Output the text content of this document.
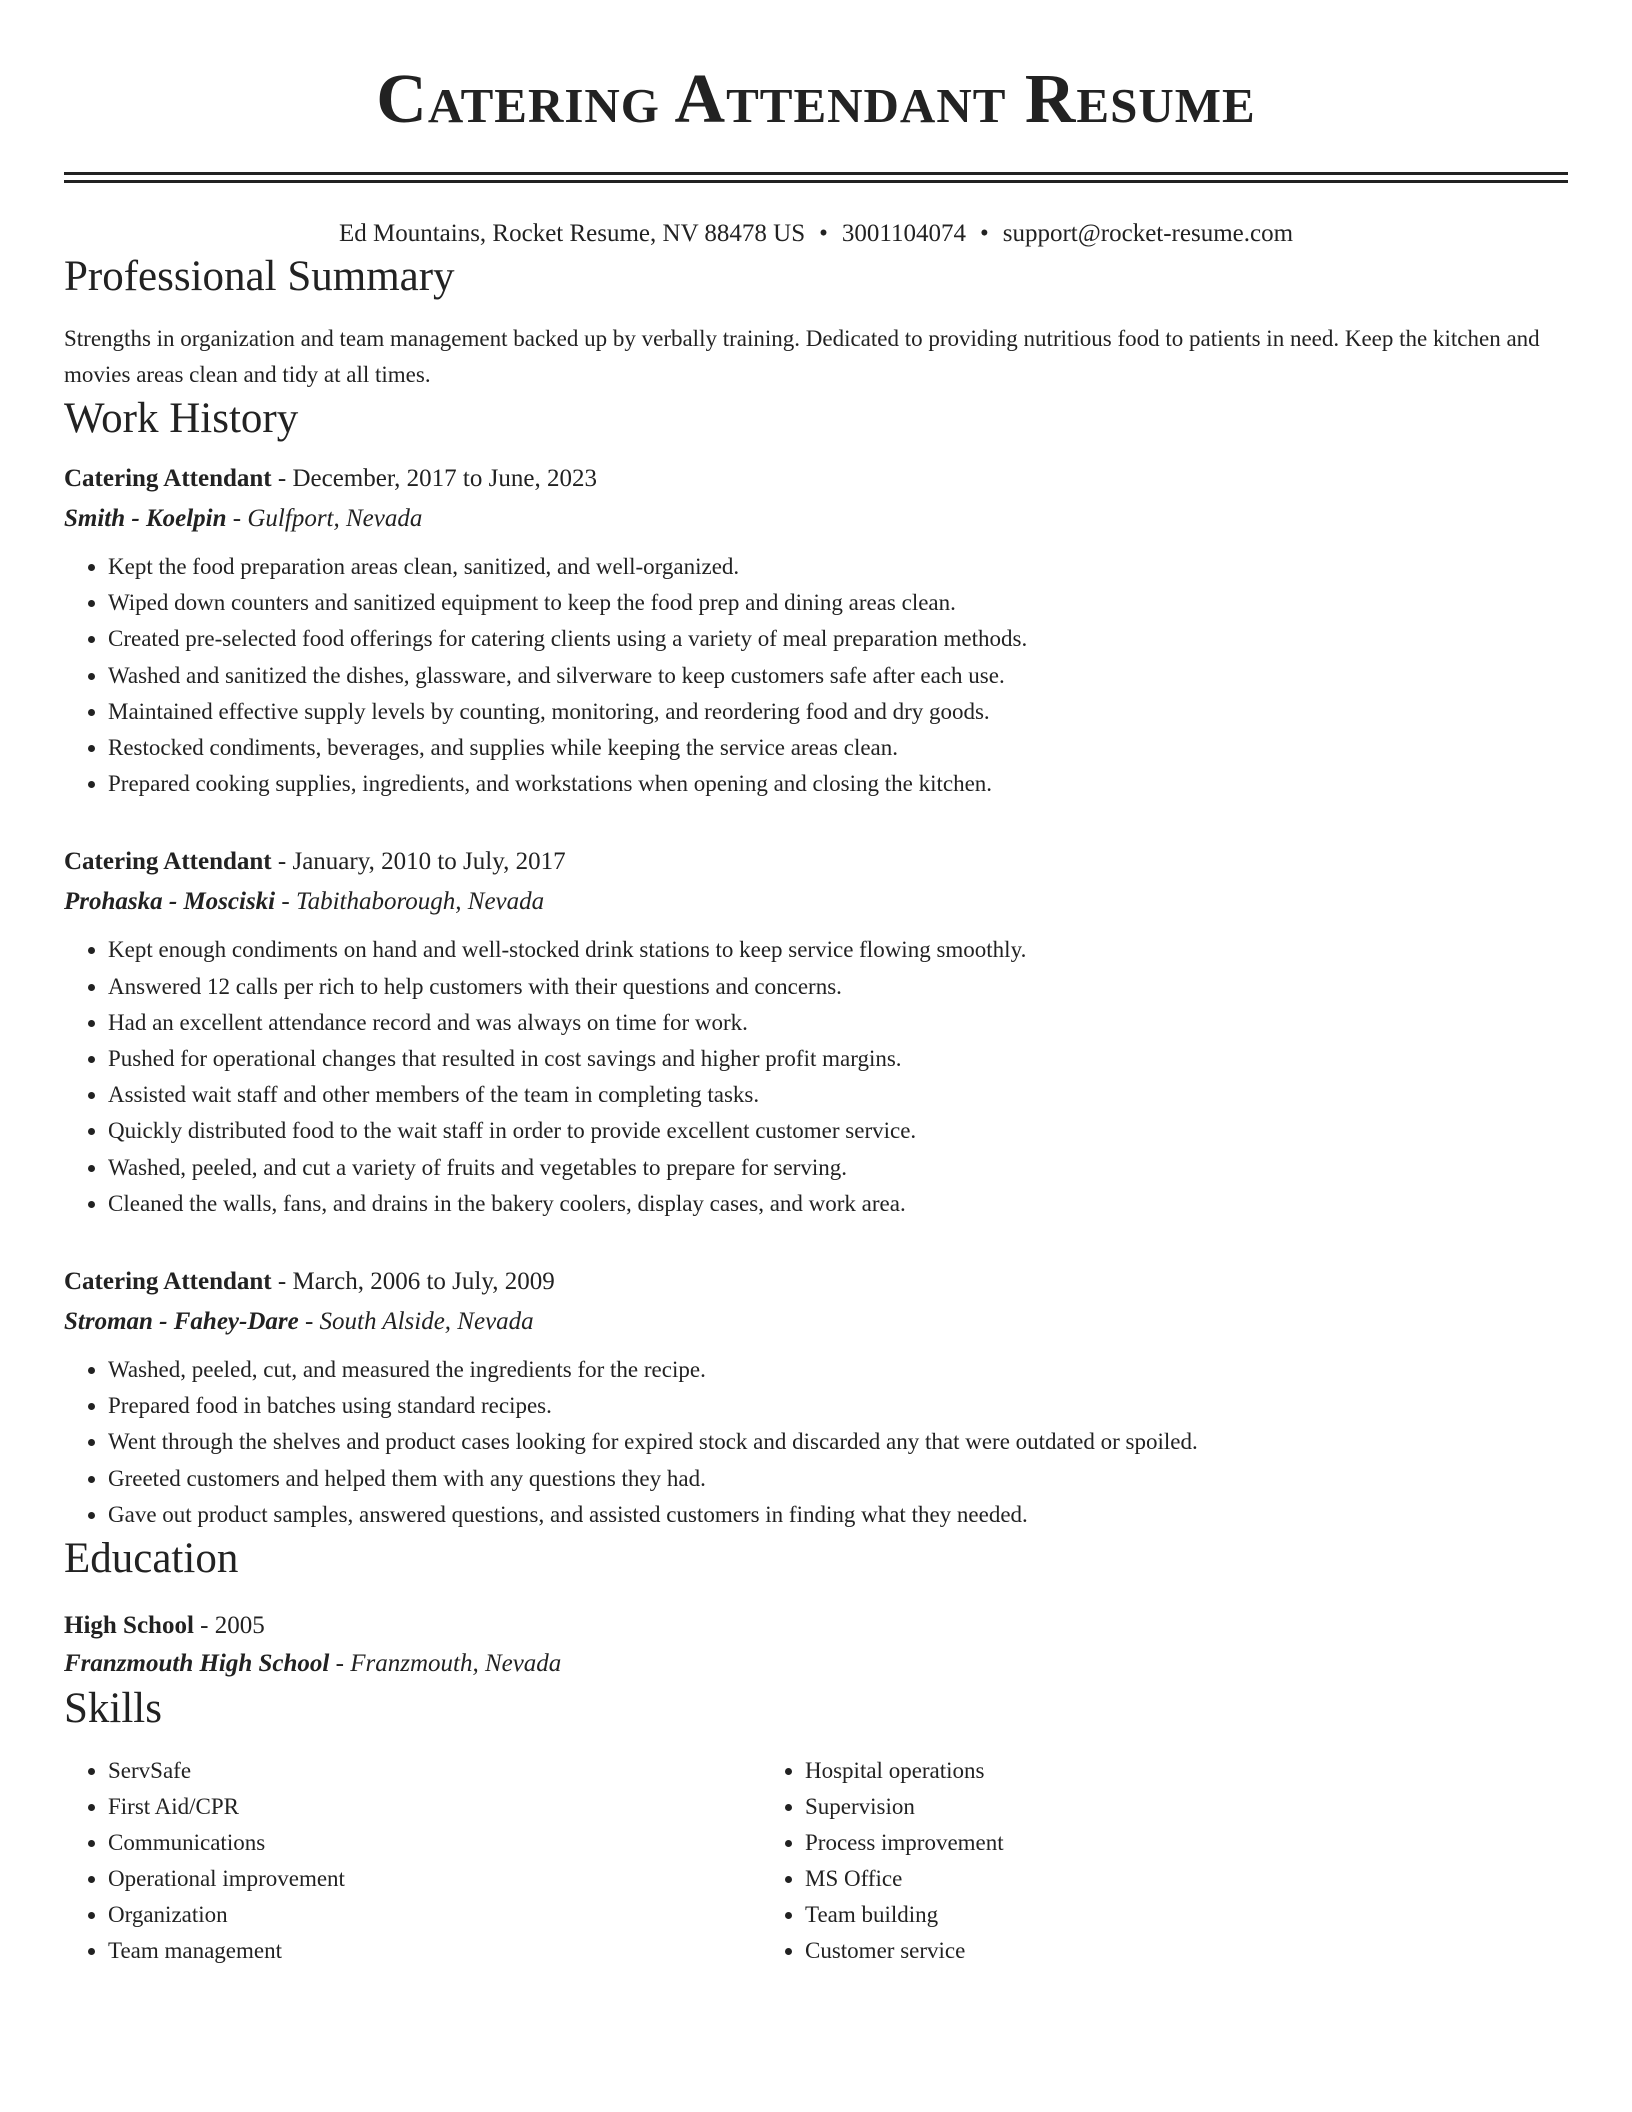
Catering Attendant Resume
Ed Mountains, Rocket Resume, NV 88478 US • 3001104074 • support@rocket-resume.com
Professional Summary
Strengths in organization and team management backed up by verbally training. Dedicated to providing nutritious food to patients in need. Keep the kitchen and movies areas clean and tidy at all times.
Work History
Catering Attendant - December, 2017 to June, 2023
Smith - Koelpin - Gulfport, Nevada
• Kept the food preparation areas clean, sanitized, and well-organized.
• Wiped down counters and sanitized equipment to keep the food prep and dining areas clean.
• Created pre-selected food offerings for catering clients using a variety of meal preparation methods.
• Washed and sanitized the dishes, glassware, and silverware to keep customers safe after each use.
• Maintained effective supply levels by counting, monitoring, and reordering food and dry goods.
• Restocked condiments, beverages, and supplies while keeping the service areas clean.
• Prepared cooking supplies, ingredients, and workstations when opening and closing the kitchen.
Catering Attendant - January, 2010 to July, 2017
Prohaska - Mosciski - Tabithaborough, Nevada
• Kept enough condiments on hand and well-stocked drink stations to keep service flowing smoothly.
• Answered 12 calls per rich to help customers with their questions and concerns.
• Had an excellent attendance record and was always on time for work.
• Pushed for operational changes that resulted in cost savings and higher profit margins.
• Assisted wait staff and other members of the team in completing tasks.
• Quickly distributed food to the wait staff in order to provide excellent customer service.
• Washed, peeled, and cut a variety of fruits and vegetables to prepare for serving.
• Cleaned the walls, fans, and drains in the bakery coolers, display cases, and work area.
Catering Attendant - March, 2006 to July, 2009
Stroman - Fahey-Dare - South Alside, Nevada
• Washed, peeled, cut, and measured the ingredients for the recipe.
• Prepared food in batches using standard recipes.
• Went through the shelves and product cases looking for expired stock and discarded any that were outdated or spoiled.
• Greeted customers and helped them with any questions they had.
• Gave out product samples, answered questions, and assisted customers in finding what they needed.
Education
High School - 2005
Franzmouth High School - Franzmouth, Nevada
Skills
• ServSafe
• First Aid/CPR
• Communications
• Operational improvement
• Organization
• Team management
• Hospital operations
• Supervision
• Process improvement
• MS Office
• Team building
• Customer service
